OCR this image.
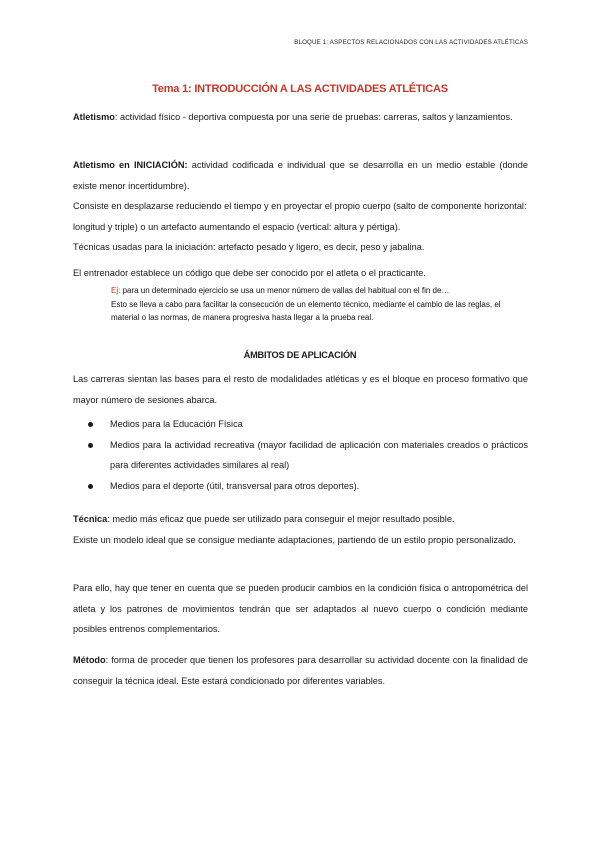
BLOQUE 1: ASPECTOS RELACIONADOS CON LAS ACTIVIDADES ATLÉTICAS
Tema 1: INTRODUCCIÓN A LAS ACTIVIDADES ATLÉTICAS
Atletismo: actividad físico - deportiva compuesta por una serie de pruebas: carreras, saltos y lanzamientos.
Atletismo en INICIACIÓN: actividad codificada e individual que se desarrolla en un medio estable (donde existe menor incertidumbre).
Consiste en desplazarse reduciendo el tiempo y en proyectar el propio cuerpo (salto de componente horizontal: longitud y triple) o un artefacto aumentando el espacio (vertical: altura y pértiga).
Técnicas usadas para la iniciación: artefacto pesado y ligero, es decir, peso y jabalina.
El entrenador establece un código que debe ser conocido por el atleta o el practicante.
Ej: para un determinado ejercicio se usa un menor número de vallas del habitual con el fin de…
Esto se lleva a cabo para facilitar la consecución de un elemento técnico, mediante el cambio de las reglas, el material o las normas, de manera progresiva hasta llegar a la prueba real.
ÁMBITOS DE APLICACIÓN
Las carreras sientan las bases para el resto de modalidades atléticas y es el bloque en proceso formativo que mayor número de sesiones abarca.
Medios para la Educación Física
Medios para la actividad recreativa (mayor facilidad de aplicación con materiales creados o prácticos para diferentes actividades similares al real)
Medios para el deporte (útil, transversal para otros deportes).
Técnica: medio más eficaz que puede ser utilizado para conseguir el mejor resultado posible.
Existe un modelo ideal que se consigue mediante adaptaciones, partiendo de un estilo propio personalizado.
Para ello, hay que tener en cuenta que se pueden producir cambios en la condición física o antropométrica del atleta y los patrones de movimientos tendrán que ser adaptados al nuevo cuerpo o condición mediante posibles entrenos complementarios.
Método: forma de proceder que tienen los profesores para desarrollar su actividad docente con la finalidad de conseguir la técnica ideal. Este estará condicionado por diferentes variables.
